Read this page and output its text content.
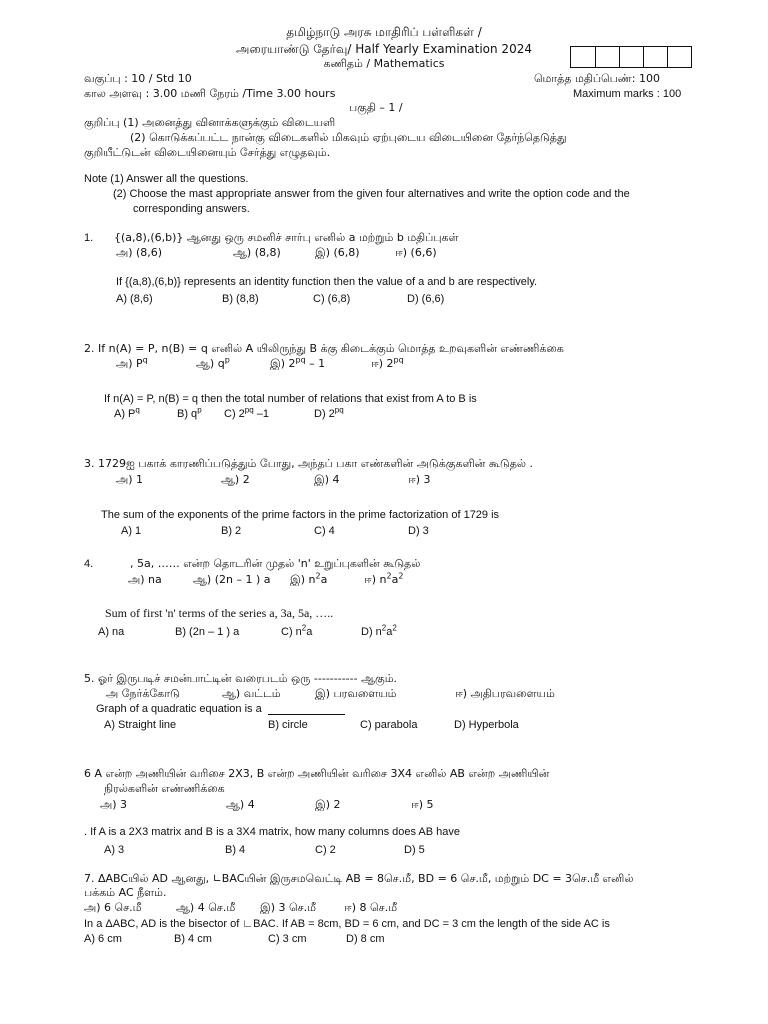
தமிழ்நாடு அரசு மாதிரிப் பள்ளிகள் /
அரையாண்டு தேர்வு/ Half Yearly Examination 2024
கணிதம் / Mathematics
வகுப்பு : 10 / Std 10	மொத்த மதிப்பெண்: 100
கால அளவு : 3.00 மணி நேரம் /Time 3.00 hours	Maximum marks : 100
பகுதி – 1 /
குறிப்பு (1) அனைத்து வினாக்களுக்கும் விடையளி
(2) கொடுக்கப்பட்ட நான்கு விடைகளில் மிகவும் ஏற்புடைய விடையினை தேர்ந்தெடுத்து
குறியீட்டுடன் விடையினையும் சேர்த்து எழுதவும்.
Note (1) Answer all the questions.
(2) Choose the mast appropriate answer from the given four alternatives and write the option code and the
corresponding answers.
1. {(a,8),(6,b)} ஆனது ஒரு சமனிச் சார்பு எனில் a மற்றும் b மதிப்புகள்
அ) (8,6)	ஆ) (8,8)	இ) (6,8)	ஈ) (6,6)
If {(a,8),(6,b)} represents an identity function then the value of a and b are respectively.
A) (8,6)	B) (8,8)	C) (6,8)	D) (6,6)
2. If n(A) = P, n(B) = q எனில் A யிலிருந்து B க்கு கிடைக்கும் மொத்த உறவுகளின் எண்ணிக்கை
அ) $P^q$	ஆ) $q^p$	இ) $2^{pq} - 1$	ஈ) $2^{pq}$
If n(A) = P, n(B) = q then the total number of relations that exist from A to B is
A) $P^q$	B) $q^p$ C) $2^{pq}$ –1	D) $2^{pq}$
3. 1729ஐ பகாக் காரணிப்படுத்தும் போது, அந்தப் பகா எண்களின் அடுக்குகளின் கூடுதல் .
அ) 1	ஆ) 2	இ) 4	ஈ) 3
The sum of the exponents of the prime factors in the prime factorization of 1729 is
A) 1	B) 2	C) 4	D) 3
4.	, 5a, …… என்ற தொடரின் முதல் 'n' உறுப்புகளின் கூடுதல்
அ) na	ஆ) (2n – 1 ) a இ) $n^2a$	ஈ) $n^2a^2$
Sum of first 'n' terms of the series a, 3a, 5a, …..
A) na	B) (2n – 1 ) a	C) $n^2a$	D) $n^2a^2$
5. ஓர் இருபடிச் சமன்பாட்டின் வரைபடம் ஒரு ----------- ஆகும்.
அ நேர்க்கோடு	ஆ) வட்டம்	இ) பரவளையம்	ஈ) அதிபரவளையம்
Graph of a quadratic equation is a
A) Straight line	B) circle	C) parabola	D) Hyperbola
6 A என்ற அணியின் வரிசை 2X3, B என்ற அணியின் வரிசை 3X4 எனில் AB என்ற அணியின்
நிரல்களின் எண்ணிக்கை
அ) 3	ஆ) 4	இ) 2	ஈ) 5
. If A is a 2X3 matrix and B is a 3X4 matrix, how many columns does AB have
A) 3	B) 4	C) 2	D) 5
7. ΔABCயில் AD ஆனது, ∟BACயின் இருசமவெட்டி AB = 8செ.மீ, BD = 6 செ.மீ, மற்றும் DC = 3செ.மீ எனில்
பக்கம் AC நீளம்.
அ) 6 செ.மீ	ஆ) 4 செ.மீ இ) 3 செ.மீ	ஈ) 8 செ.மீ
In a ΔABC, AD is the bisector of ∟BAC. If AB = 8cm, BD = 6 cm, and DC = 3 cm the length of the side AC is
A) 6 cm	B) 4 cm	C) 3 cm	D) 8 cm
